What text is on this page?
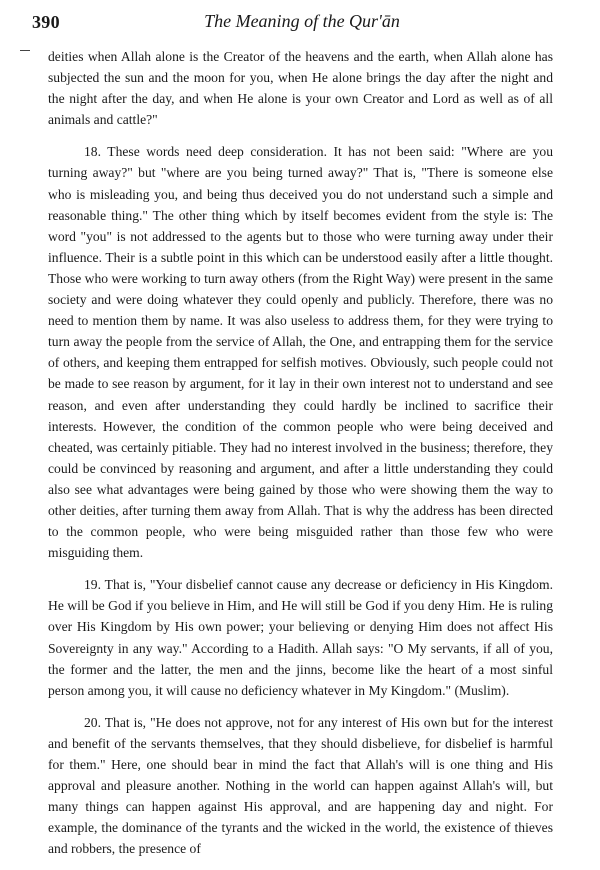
390	The Meaning of the Qur'ān

deities when Allah alone is the Creator of the heavens and the earth, when Allah alone has subjected the sun and the moon for you, when He alone brings the day after the night and the night after the day, and when He alone is your own Creator and Lord as well as of all animals and cattle?"

18. These words need deep consideration. It has not been said: "Where are you turning away?" but "where are you being turned away?" That is, "There is someone else who is misleading you, and being thus deceived you do not understand such a simple and reasonable thing." The other thing which by itself becomes evident from the style is: The word "you" is not addressed to the agents but to those who were turning away under their influence. Their is a subtle point in this which can be understood easily after a little thought. Those who were working to turn away others (from the Right Way) were present in the same society and were doing whatever they could openly and publicly. Therefore, there was no need to mention them by name. It was also useless to address them, for they were trying to turn away the people from the service of Allah, the One, and entrapping them for the service of others, and keeping them entrapped for selfish motives. Obviously, such people could not be made to see reason by argument, for it lay in their own interest not to understand and see reason, and even after understanding they could hardly be inclined to sacrifice their interests. However, the condition of the common people who were being deceived and cheated, was certainly pitiable. They had no interest involved in the business; therefore, they could be convinced by reasoning and argument, and after a little understanding they could also see what advantages were being gained by those who were showing them the way to other deities, after turning them away from Allah. That is why the address has been directed to the common people, who were being misguided rather than those few who were misguiding them.

19. That is, "Your disbelief cannot cause any decrease or deficiency in His Kingdom. He will be God if you believe in Him, and He will still be God if you deny Him. He is ruling over His Kingdom by His own power; your believing or denying Him does not affect His Sovereignty in any way." According to a Hadith. Allah says: "O My servants, if all of you, the former and the latter, the men and the jinns, become like the heart of a most sinful person among you, it will cause no deficiency whatever in My Kingdom." (Muslim).

20. That is, "He does not approve, not for any interest of His own but for the interest and benefit of the servants themselves, that they should disbelieve, for disbelief is harmful for them." Here, one should bear in mind the fact that Allah's will is one thing and His approval and pleasure another. Nothing in the world can happen against Allah's will, but many things can happen against His approval, and are happening day and night. For example, the dominance of the tyrants and the wicked in the world, the existence of thieves and robbers, the presence of
